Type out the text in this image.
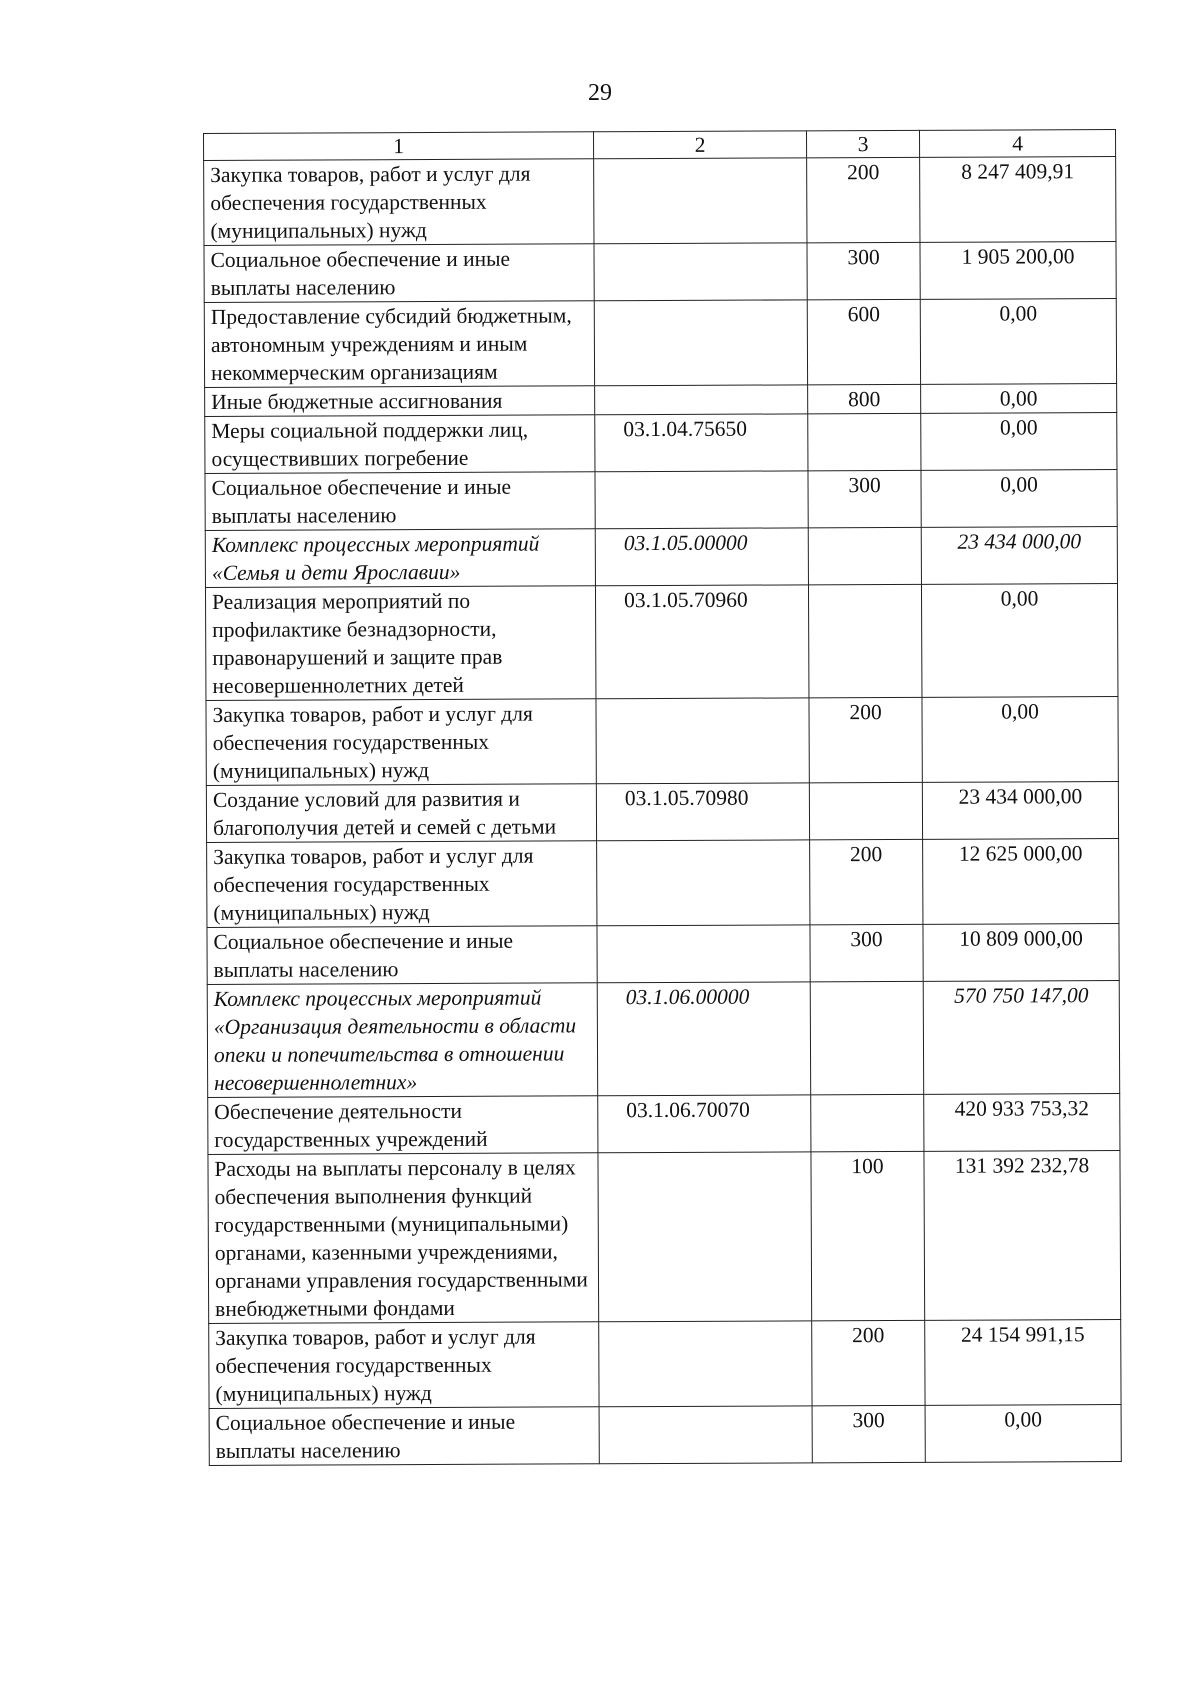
29
1	2	3	4
Закупка товаров, работ и услуг для обеспечения государственных (муниципальных) нужд		200	8 247 409,91
Социальное обеспечение и иные выплаты населению		300	1 905 200,00
Предоставление субсидий бюджетным, автономным учреждениям и иным некоммерческим организациям		600	0,00
Иные бюджетные ассигнования		800	0,00
Меры социальной поддержки лиц, осуществивших погребение	03.1.04.75650		0,00
Социальное обеспечение и иные выплаты населению		300	0,00
Комплекс процессных мероприятий «Семья и дети Ярославии»	03.1.05.00000		23 434 000,00
Реализация мероприятий по профилактике безнадзорности, правонарушений и защите прав несовершеннолетних детей	03.1.05.70960		0,00
Закупка товаров, работ и услуг для обеспечения государственных (муниципальных) нужд		200	0,00
Создание условий для развития и благополучия детей и семей с детьми	03.1.05.70980		23 434 000,00
Закупка товаров, работ и услуг для обеспечения государственных (муниципальных) нужд		200	12 625 000,00
Социальное обеспечение и иные выплаты населению		300	10 809 000,00
Комплекс процессных мероприятий «Организация деятельности в области опеки и попечительства в отношении несовершеннолетних»	03.1.06.00000		570 750 147,00
Обеспечение деятельности государственных учреждений	03.1.06.70070		420 933 753,32
Расходы на выплаты персоналу в целях обеспечения выполнения функций государственными (муниципальными) органами, казенными учреждениями, органами управления государственными внебюджетными фондами		100	131 392 232,78
Закупка товаров, работ и услуг для обеспечения государственных (муниципальных) нужд		200	24 154 991,15
Социальное обеспечение и иные выплаты населению		300	0,00
